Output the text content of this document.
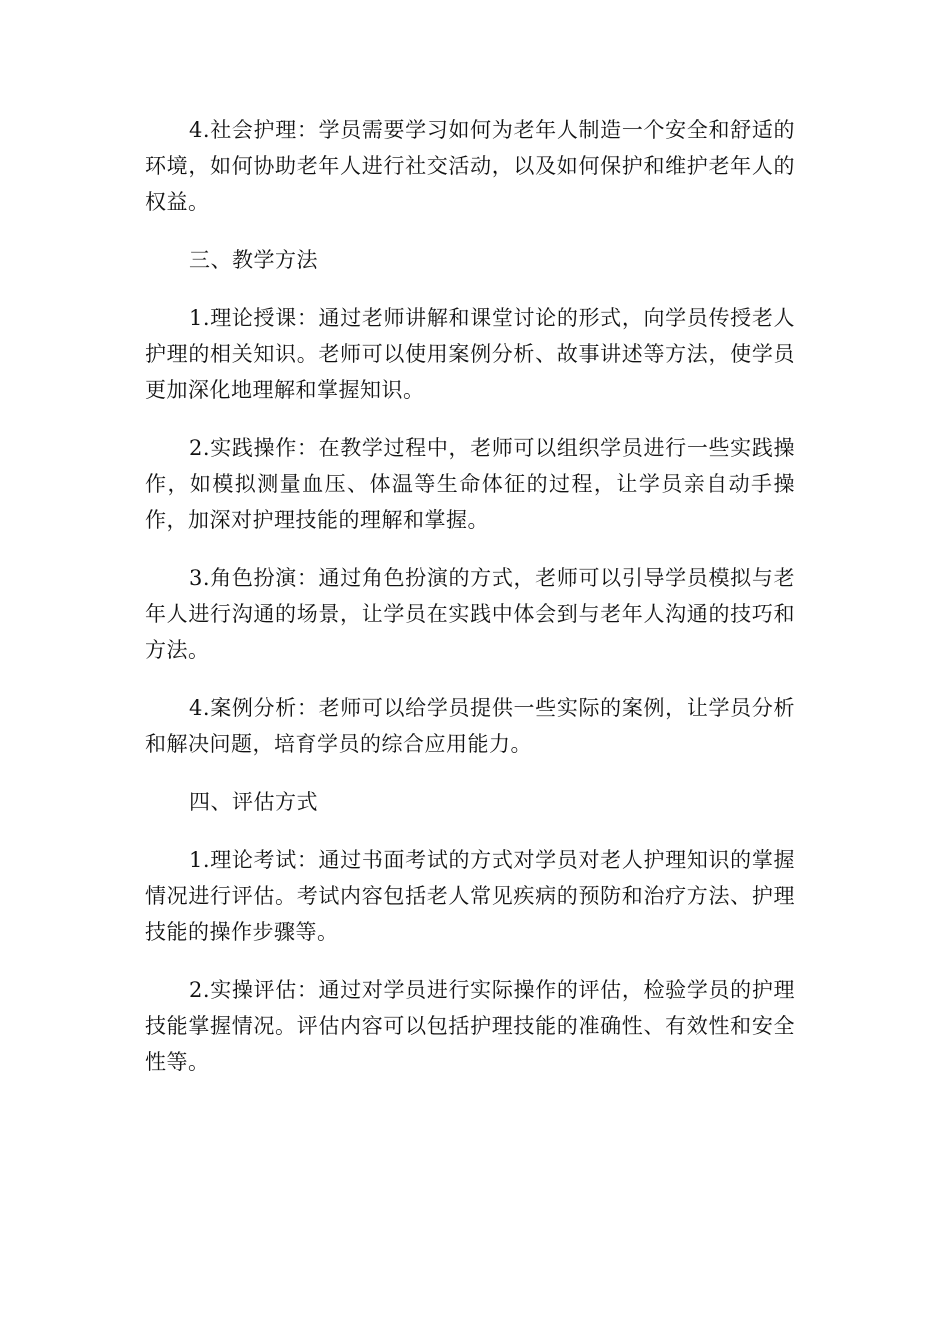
4.社会护理：学员需要学习如何为老年人制造一个安全和舒适的环境，如何协助老年人进行社交活动，以及如何保护和维护老年人的权益。

三、教学方法

1.理论授课：通过老师讲解和课堂讨论的形式，向学员传授老人护理的相关知识。老师可以使用案例分析、故事讲述等方法，使学员更加深化地理解和掌握知识。

2.实践操作：在教学过程中，老师可以组织学员进行一些实践操作，如模拟测量血压、体温等生命体征的过程，让学员亲自动手操作，加深对护理技能的理解和掌握。

3.角色扮演：通过角色扮演的方式，老师可以引导学员模拟与老年人进行沟通的场景，让学员在实践中体会到与老年人沟通的技巧和方法。

4.案例分析：老师可以给学员提供一些实际的案例，让学员分析和解决问题，培育学员的综合应用能力。

四、评估方式

1.理论考试：通过书面考试的方式对学员对老人护理知识的掌握情况进行评估。考试内容包括老人常见疾病的预防和治疗方法、护理技能的操作步骤等。

2.实操评估：通过对学员进行实际操作的评估，检验学员的护理技能掌握情况。评估内容可以包括护理技能的准确性、有效性和安全性等。
